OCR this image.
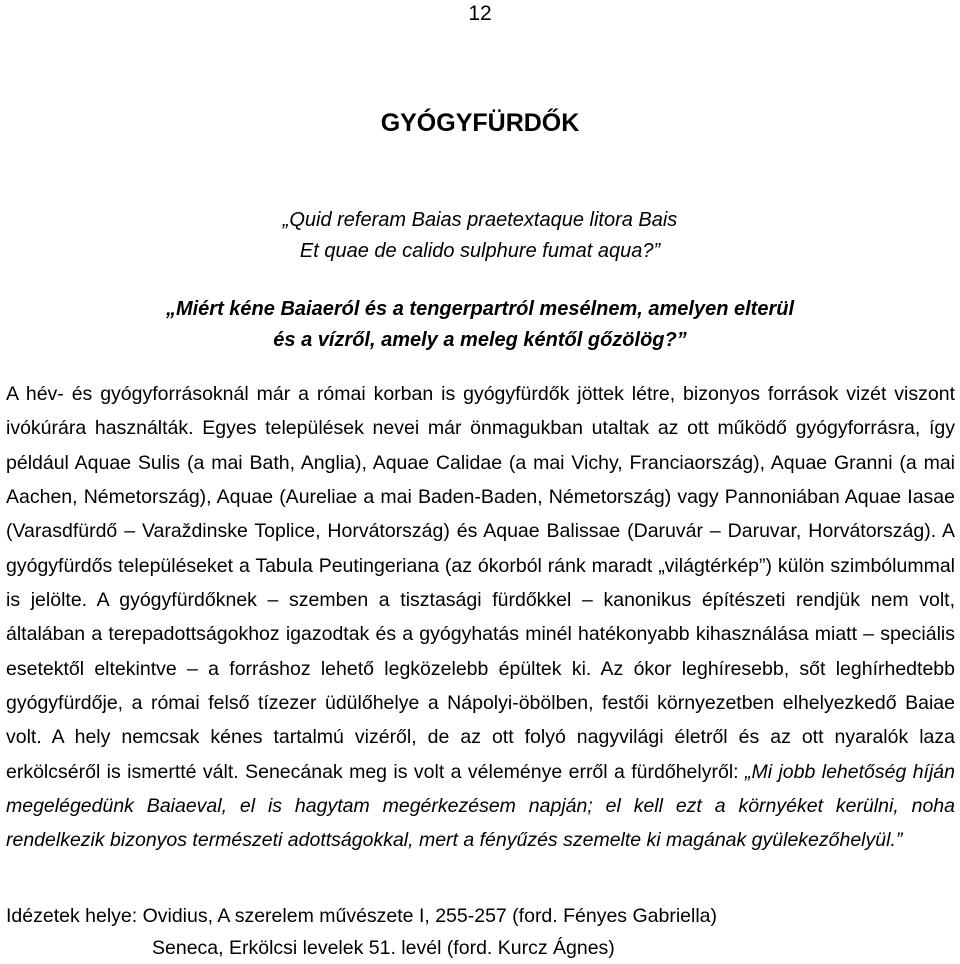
12
GYÓGYFÜRDŐK
„Quid referam Baias praetextaque litora Bais
Et quae de calido sulphure fumat aqua?”
„Miért kéne Baiaeról és a tengerpartról mesélnem, amelyen elterül
és a vízről, amely a meleg kéntől gőzölög?”

A hév- és gyógyforrásoknál már a római korban is gyógyfürdők jöttek létre, bizonyos források vizét viszont ivókúrára használták. Egyes települések nevei már önmagukban utaltak az ott működő gyógyforrásra, így például Aquae Sulis (a mai Bath, Anglia), Aquae Calidae (a mai Vichy, Franciaország), Aquae Granni (a mai Aachen, Németország), Aquae (Aureliae a mai Baden-Baden, Németország) vagy Pannoniában Aquae Iasae (Varasdfürdő – Varaždinske Toplice, Horvátország) és Aquae Balissae (Daruvár – Daruvar, Horvátország). A gyógyfürdős településeket a Tabula Peutingeriana (az ókorból ránk maradt „világtérkép”) külön szimbólummal is jelölte. A gyógyfürdőknek – szemben a tisztasági fürdőkkel – kanonikus építészeti rendjük nem volt, általában a terepadottságokhoz igazodtak és a gyógyhatás minél hatékonyabb kihasználása miatt – speciális esetektől eltekintve – a forráshoz lehető legközelebb épültek ki. Az ókor leghíresebb, sőt leghírhedtebb gyógyfürdője, a római felső tízezer üdülőhelye a Nápolyi-öbölben, festői környezetben elhelyezkedő Baiae volt. A hely nemcsak kénes tartalmú vizéről, de az ott folyó nagyvilági életről és az ott nyaralók laza erkölcséről is ismertté vált. Senecának meg is volt a véleménye erről a fürdőhelyről: „Mi jobb lehetőség híján megelégedünk Baiaeval, el is hagytam megérkezésem napján; el kell ezt a környéket kerülni, noha rendelkezik bizonyos természeti adottságokkal, mert a fényűzés szemelte ki magának gyülekezőhelyül.”

Idézetek helye: Ovidius, A szerelem művészete I, 255-257 (ford. Fényes Gabriella)
Seneca, Erkölcsi levelek 51. levél (ford. Kurcz Ágnes)
